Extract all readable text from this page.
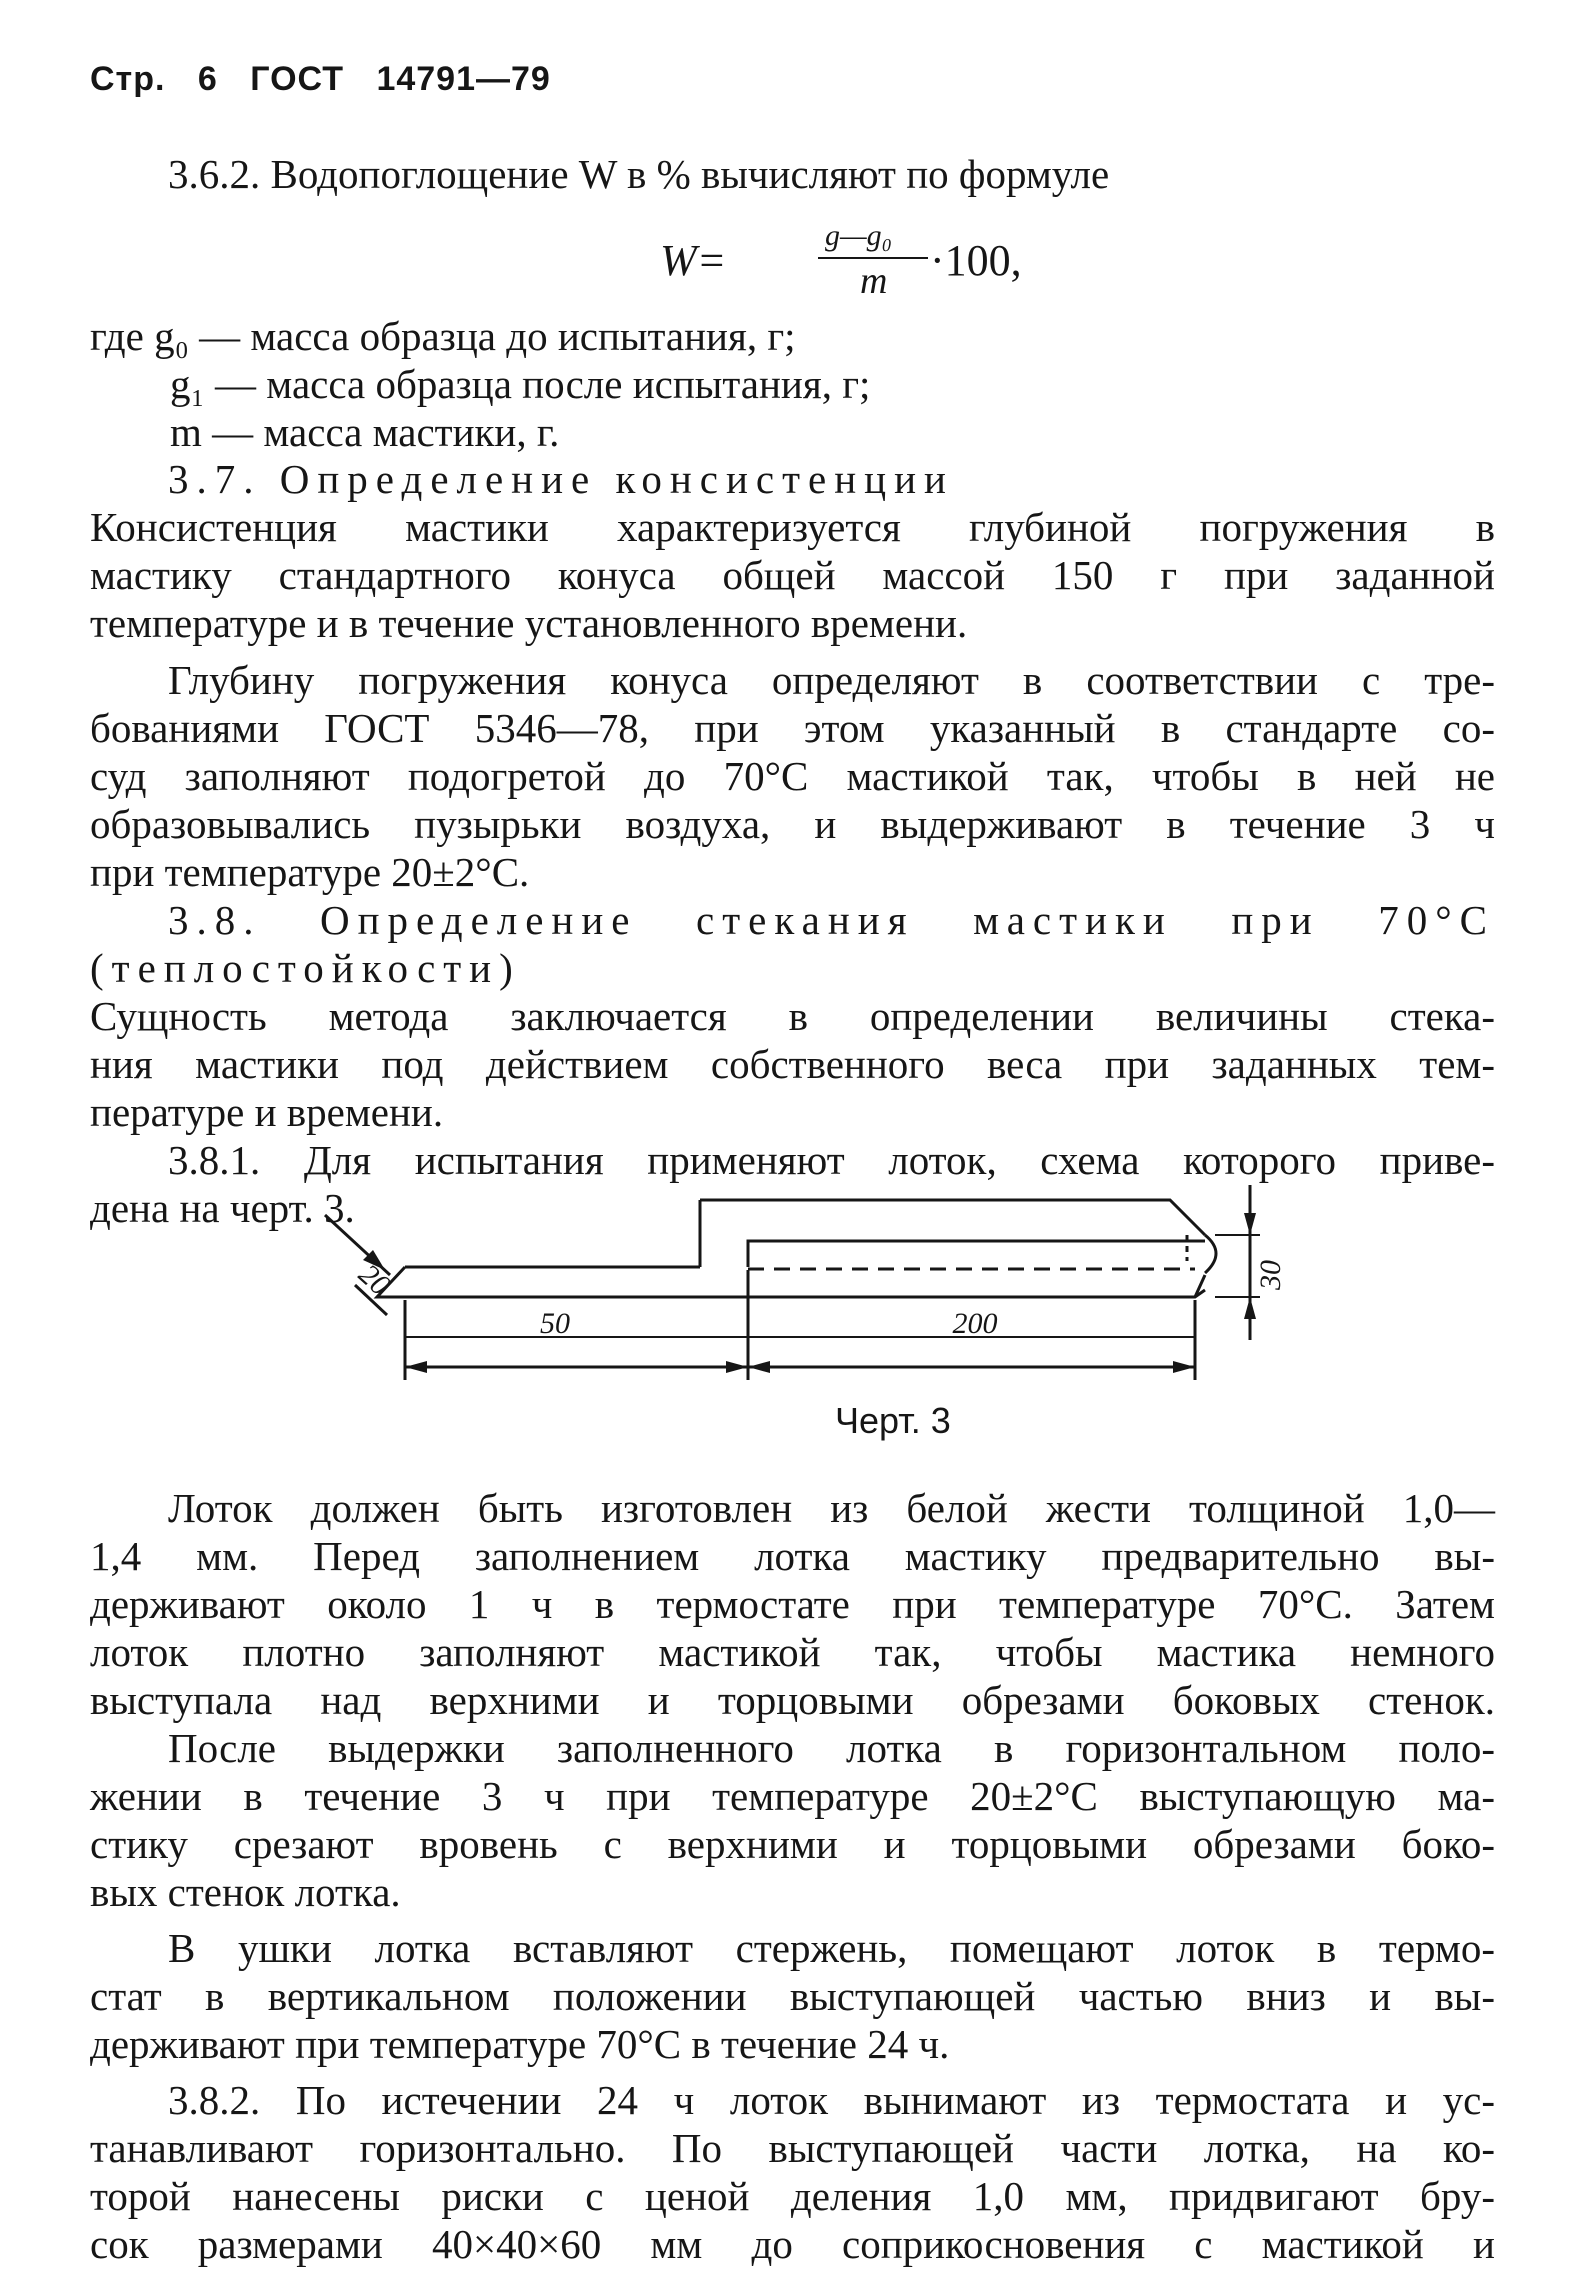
Стр. 6 ГОСТ 14791—79
3.6.2. Водопоглощение W в % вычисляют по формуле
W=
g—g₀
m ·100,
где g₀ — масса образца до испытания, г;
g₁ — масса образца после испытания, г;
m — масса мастики, г.
3.7. Определение консистенции
Консистенция мастики характеризуется глубиной погружения в
мастику стандартного конуса общей массой 150 г при заданной
температуре и в течение установленного времени.
Глубину погружения конуса определяют в соответствии с тре-
бованиями ГОСТ 5346—78, при этом указанный в стандарте со-
суд заполняют подогретой до 70°С мастикой так, чтобы в ней не
образовывались пузырьки воздуха, и выдерживают в течение 3 ч
при температуре 20±2°С.
3.8. Определение стекания мастики при 70°С
(теплостойкости)
Сущность метода заключается в определении величины стека-
ния мастики под действием собственного веса при заданных тем-
пературе и времени.
3.8.1. Для испытания применяют лоток, схема которого приве-
дена на черт. 3.
20
50	200
30
Черт. 3
Лоток должен быть изготовлен из белой жести толщиной 1,0—
1,4 мм. Перед заполнением лотка мастику предварительно вы-
держивают около 1 ч в термостате при температуре 70°С. Затем
лоток плотно заполняют мастикой так, чтобы мастика немного
выступала над верхними и торцовыми обрезами боковых стенок.
После выдержки заполненного лотка в горизонтальном поло-
жении в течение 3 ч при температуре 20±2°С выступающую ма-
стику срезают вровень с верхними и торцовыми обрезами боко-
вых стенок лотка.
В ушки лотка вставляют стержень, помещают лоток в термо-
стат в вертикальном положении выступающей частью вниз и вы-
держивают при температуре 70°С в течение 24 ч.
3.8.2. По истечении 24 ч лоток вынимают из термостата и ус-
танавливают горизонтально. По выступающей части лотка, на ко-
торой нанесены риски с ценой деления 1,0 мм, придвигают бру-
сок размерами 40×40×60 мм до соприкосновения с мастикой и
